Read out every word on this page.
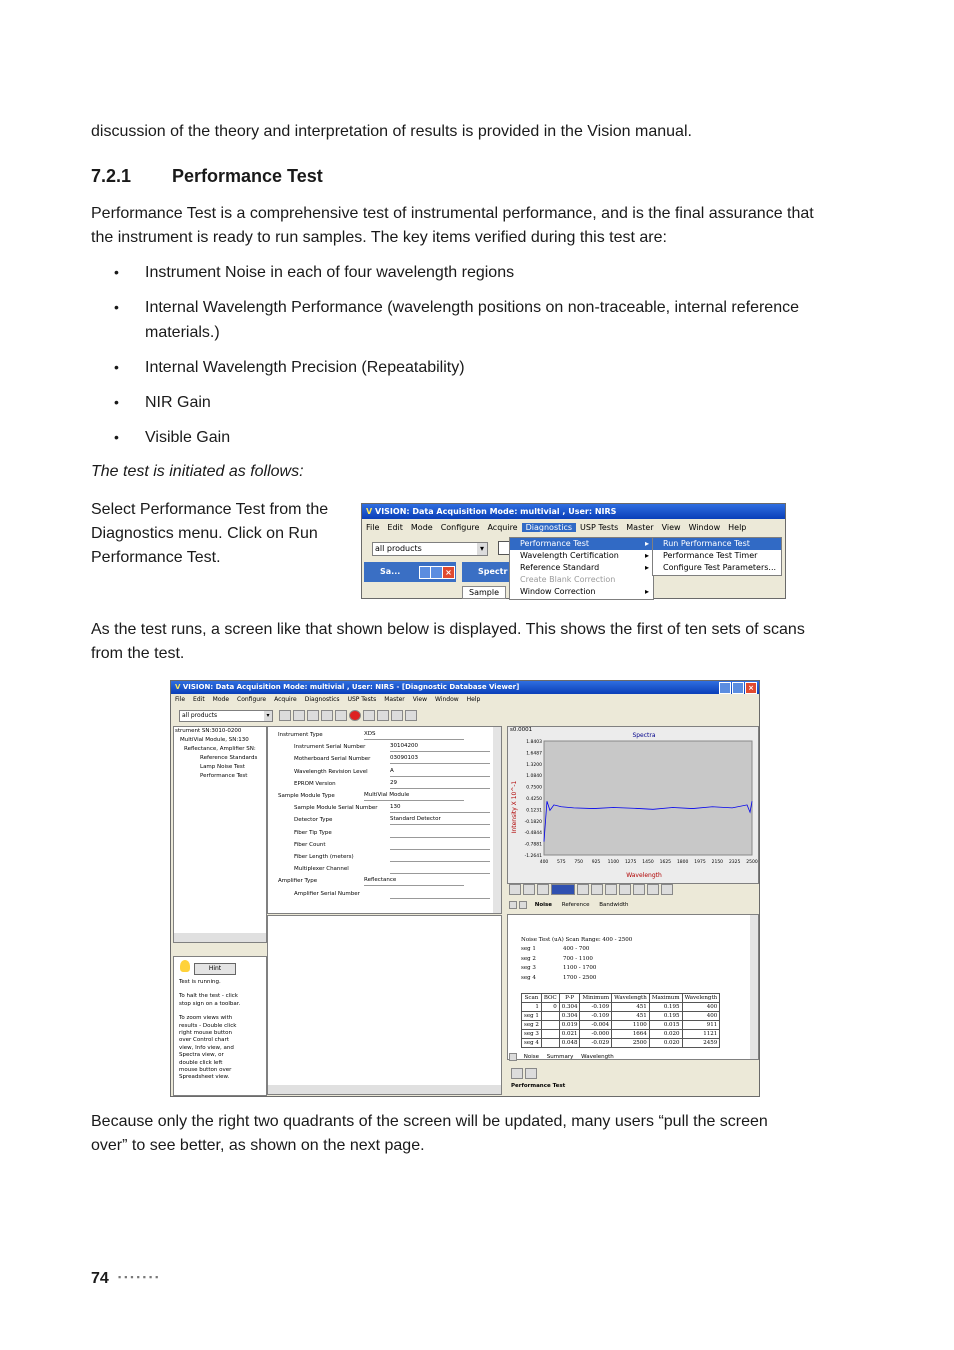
discussion of the theory and interpretation of results is provided in the Vision manual.
7.2.1 Performance Test
Performance Test is a comprehensive test of instrumental performance, and is the final assurance that
the instrument is ready to run samples. The key items verified during this test are:
• Instrument Noise in each of four wavelength regions
• Internal Wavelength Performance (wavelength positions on non-traceable, internal reference
materials.)
• Internal Wavelength Precision (Repeatability)
• NIR Gain
• Visible Gain
The test is initiated as follows:
Select Performance Test from the
Diagnostics menu. Click on Run
Performance Test.
V VISION: Data Acquisition Mode: multivial , User: NIRS
File Edit Mode Configure Acquire Diagnostics USP Tests Master View Window Help
all products	▾
Sa...	×	Spectr
Sample
Performance Test	▸
Wavelength Certification	▸
Reference Standard	▸
Create Blank Correction
Window Correction	▸
Run Performance Test
Performance Test Timer
Configure Test Parameters...
As the test runs, a screen like that shown below is displayed. This shows the first of ten sets of scans
from the test.
V VISION: Data Acquisition Mode: multivial , User: NIRS - [Diagnostic Database Viewer]	×
File Edit Mode Configure Acquire Diagnostics USP Tests Master View Window Help
all products	▾
strument SN:3010-0200
MultiVial Module, SN:130
Reflectance, Amplifier SN:
Reference Standards
Lamp Noise Test
Performance Test
Hint
Test is running.
To halt the test - click
stop sign on a toolbar.
To zoom views with
results - Double click
right mouse button
over Control chart
view, Info view, and
Spectra view, or
double click left
mouse button over
Spreadsheet view.
Instrument Type	XDS
Instrument Serial Number	30104200
Motherboard Serial Number	03090103
Wavelength Revision Level	A
EPROM Version	29
Sample Module Type	MultiVial Module
Sample Module Serial Number 130
Detector Type	Standard Detector
Fiber Tip Type
Fiber Count
Fiber Length (meters)
Multiplexer Channel
Amplifier Type	Reflectance
Amplifier Serial Number
s0.0001
Spectra
Wavelength
Intensity X 10^-1
400 575 750 925 1100 1275 1450 1625 1800 1975 2150 2325 2500
1.8403
1.6487
1.3200
1.0840
0.7500
0.4250
0.1231
-0.1820
-0.4844
-0.7881
-1.2641
Noise Reference Bandwidth
Noise Test (uA) Scan Range: 400 - 2500
seg 1	400 - 700
seg 2	700 - 1100
seg 3	1100 - 1700
seg 4	1700 - 2500
Scan	BOC	P-P	Minimum	Wavelength	Maximum	Wavelength
1	0	0.304	-0.109	451	0.195	400
seg 1		0.304	-0.109	451	0.195	400
seg 2		0.019	-0.004	1100	0.015	911
seg 3		0.021	-0.000	1664	0.020	1121
seg 4		0.048	-0.029	2500	0.020	2459
Noise Summary Wavelength
Performance Test
Because only the right two quadrants of the screen will be updated, many users “pull the screen
over” to see better, as shown on the next page.
74 ▪▪▪▪▪▪▪
